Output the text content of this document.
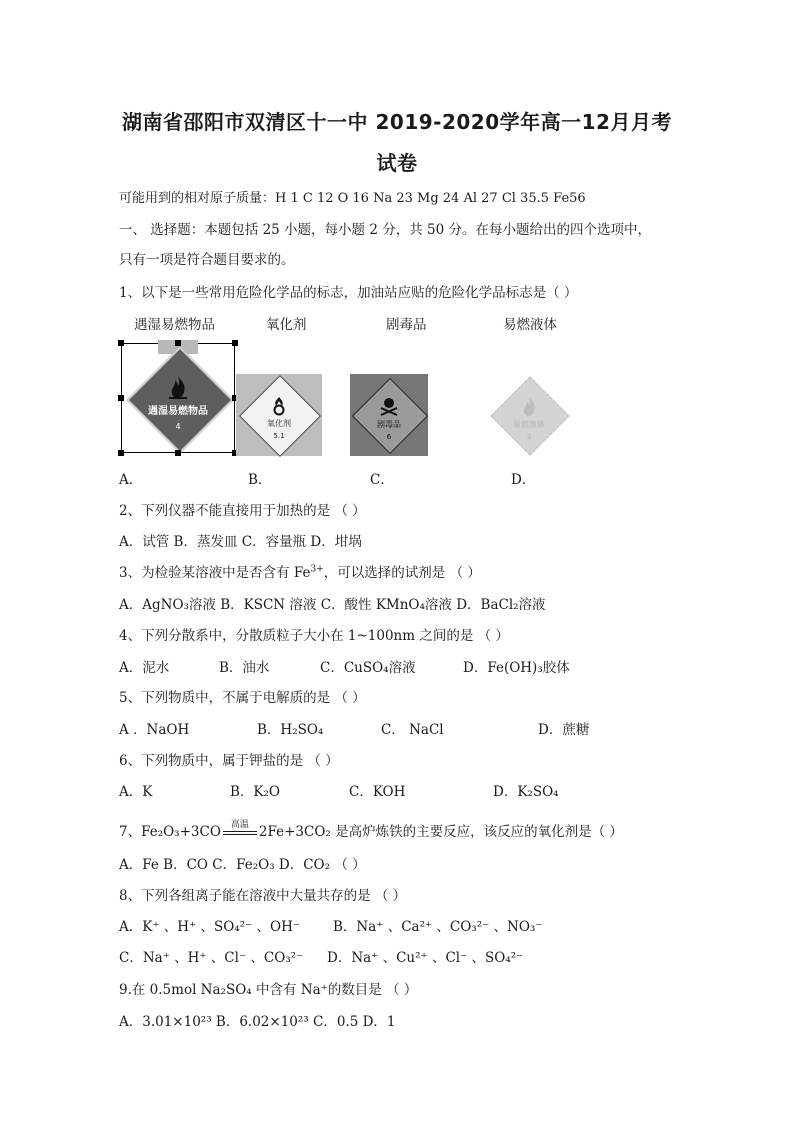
湖南省邵阳市双清区十一中 2019-2020学年高一12月月考
试卷
可能用到的相对原子质量：H 1 C 12 O 16 Na 23 Mg 24 Al 27 Cl 35.5 Fe56
一、 选择题：本题包括 25 小题，每小题 2 分，共 50 分。在每小题给出的四个选项中，
只有一项是符合题目要求的。
1、以下是一些常用危险化学品的标志，加油站应贴的危险化学品标志是（ ）
遇湿易燃物品	氧化剂	剧毒品	易燃液体
遇湿易燃物品
4	氧化剂
5.1
剧毒品
6
易燃液体
3
A．	B．	C．	D．
2、下列仪器不能直接用于加热的是 （ ）
A．试管 B．蒸发皿 C．容量瓶 D．坩埚
3、为检验某溶液中是否含有 $Fe^{3+}$，可以选择的试剂是 （ ）
A．AgNO₃溶液 B．KSCN 溶液 C．酸性 KMnO₄溶液 D．BaCl₂溶液
4、下列分散系中，分散质粒子大小在 1~100nm 之间的是 （ ）
A．泥水	B．油水	C．CuSO₄溶液	D．Fe(OH)₃胶体
5、下列物质中，不属于电解质的是 （ ）
A ．NaOH	B．H₂SO₄	C． NaCl	D．蔗糖
6、下列物质中，属于钾盐的是 （ ）
A．K	B．K₂O	C．KOH	D．K₂SO₄
7、Fe₂O₃+3CO	高温 2Fe+3CO₂ 是高炉炼铁的主要反应，该反应的氧化剂是（ ）
A．Fe B．CO C．Fe₂O₃ D．CO₂ （ ）
8、下列各组离子能在溶液中大量共存的是 （ ）
A．K⁺ 、H⁺ 、SO₄²⁻ 、OH⁻ B．Na⁺ 、Ca²⁺ 、CO₃²⁻ 、NO₃⁻
C．Na⁺ 、H⁺ 、Cl⁻ 、CO₃²⁻ D．Na⁺ 、Cu²⁺ 、Cl⁻ 、SO₄²⁻
9.在 0.5mol Na₂SO₄ 中含有 Na⁺的数目是 （ ）
A．3.01×10²³ B．6.02×10²³ C．0.5 D．1
